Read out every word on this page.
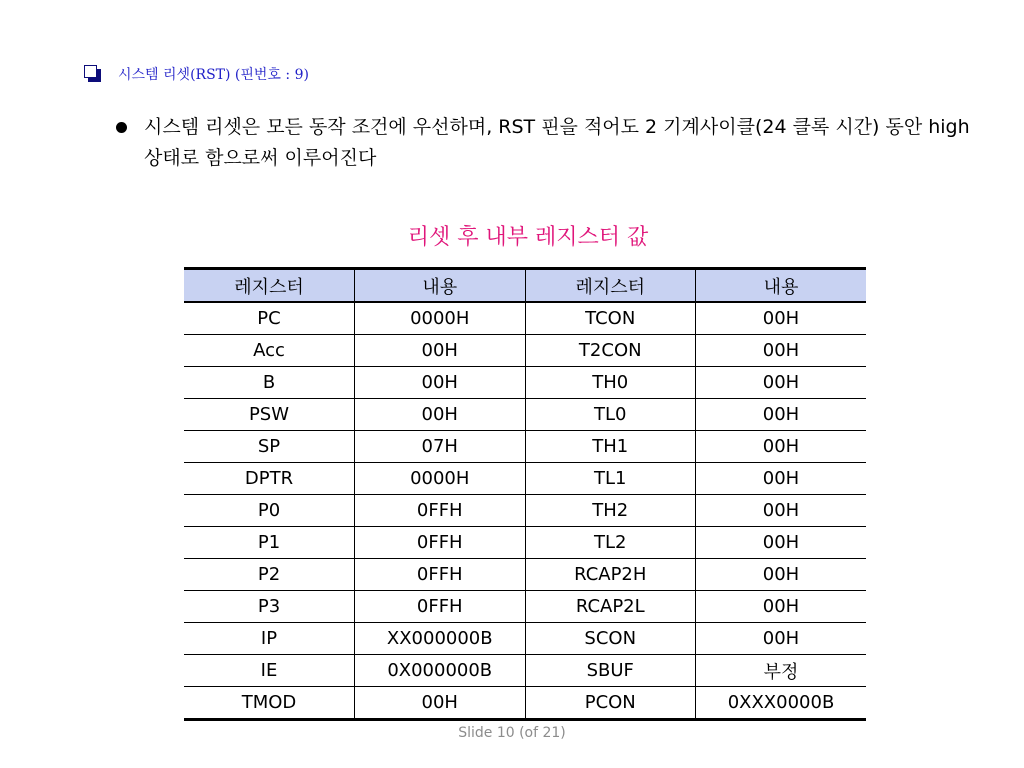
시스템 리셋(RST) (핀번호 : 9)
시스템 리셋은 모든 동작 조건에 우선하며, RST 핀을 적어도 2 기계사이클(24 클록 시간) 동안 high 상태로 함으로써 이루어진다
리셋 후 내부 레지스터 값
레지스터	내용	레지스터	내용
PC	0000H	TCON	00H
Acc	00H	T2CON	00H
B	00H	TH0	00H
PSW	00H	TL0	00H
SP	07H	TH1	00H
DPTR	0000H	TL1	00H
P0	0FFH	TH2	00H
P1	0FFH	TL2	00H
P2	0FFH	RCAP2H	00H
P3	0FFH	RCAP2L	00H
IP	XX000000B	SCON	00H
IE	0X000000B	SBUF	부정
TMOD	00H	PCON	0XXX0000B
Slide 10 (of 21)
